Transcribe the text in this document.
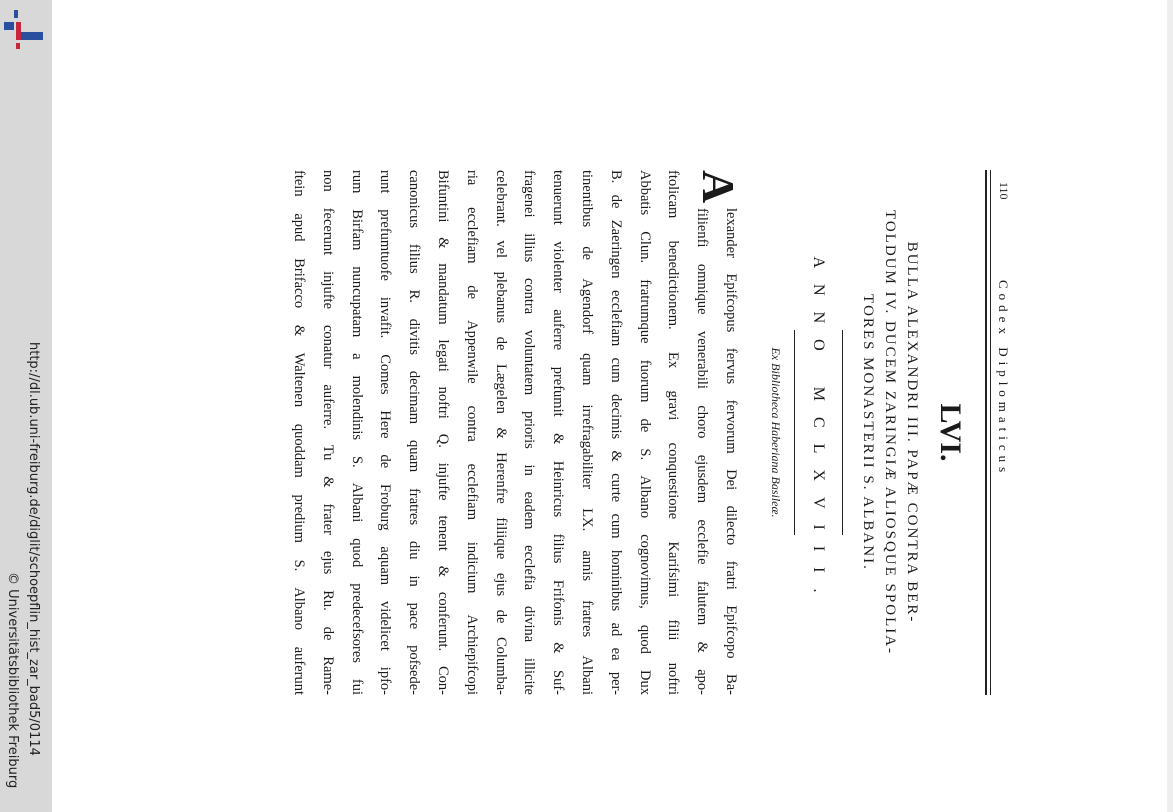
http://dl.ub.uni-freiburg.de/diglit/schoepflin_hist_zar_bad5/0114
© Universitätsbibliothek Freiburg
110
Codex Diplomaticus
LVI.
BULLA ALEXANDRI III. PAPÆ CONTRA BER-
TOLDUM IV. DUCEM ZARINGIÆ ALIOSQUE SPOLIA-
TORES MONASTERII S. ALBANI.
ANNO MCLXVIII.
Ex Bibliotheca Haberiana Basileæ.
A
lexander Epifcopus fervus fervorum Dei dilecto fratri Epifcopo Ba-
filienfi omnique venerabili choro ejusdem ecclefie falutem & apo-
ftolicam benedictionem. Ex gravi conquestione Karifsimi filii noftri
Abbatis Clun. fratrumque fuorum de S. Albano cognovimus, quod Dux
B. de Zaeringen ecclefiam cum decimis & curte cum hominibus ad ea per-
tinentibus de Agendorf quam irrefragabiliter LX. annis fratres Albani
tenuerunt violenter auferre prefumit & Heinricus filius Frifonis & Suf-
fragenei illius contra voluntatem prioris in eadem ecclefia divina illicite
celebrant. vel plebanus de Lægelen & Herenfre filiique ejus de Columba-
ria ecclefiam de Appenwile contra ecclefiam indicium Archiepifcopi
Bifuntini & mandatum legati noftri Q. injufte tenent & conferunt. Con-
canonicus filius R. divitis decimam quam fratres diu in pace pofsede-
runt prefumtuofe invafit. Comes Here de Froburg aquam videlicet ipfo-
rum Birfam nuncupatam a molendinis S. Albani quod predecefsores fui
non fecerunt injufte conatur auferre. Tu & frater ejus Ru. de Rame-
ftein apud Brifacco & Waltenen quoddam predium S. Albano auferunt
